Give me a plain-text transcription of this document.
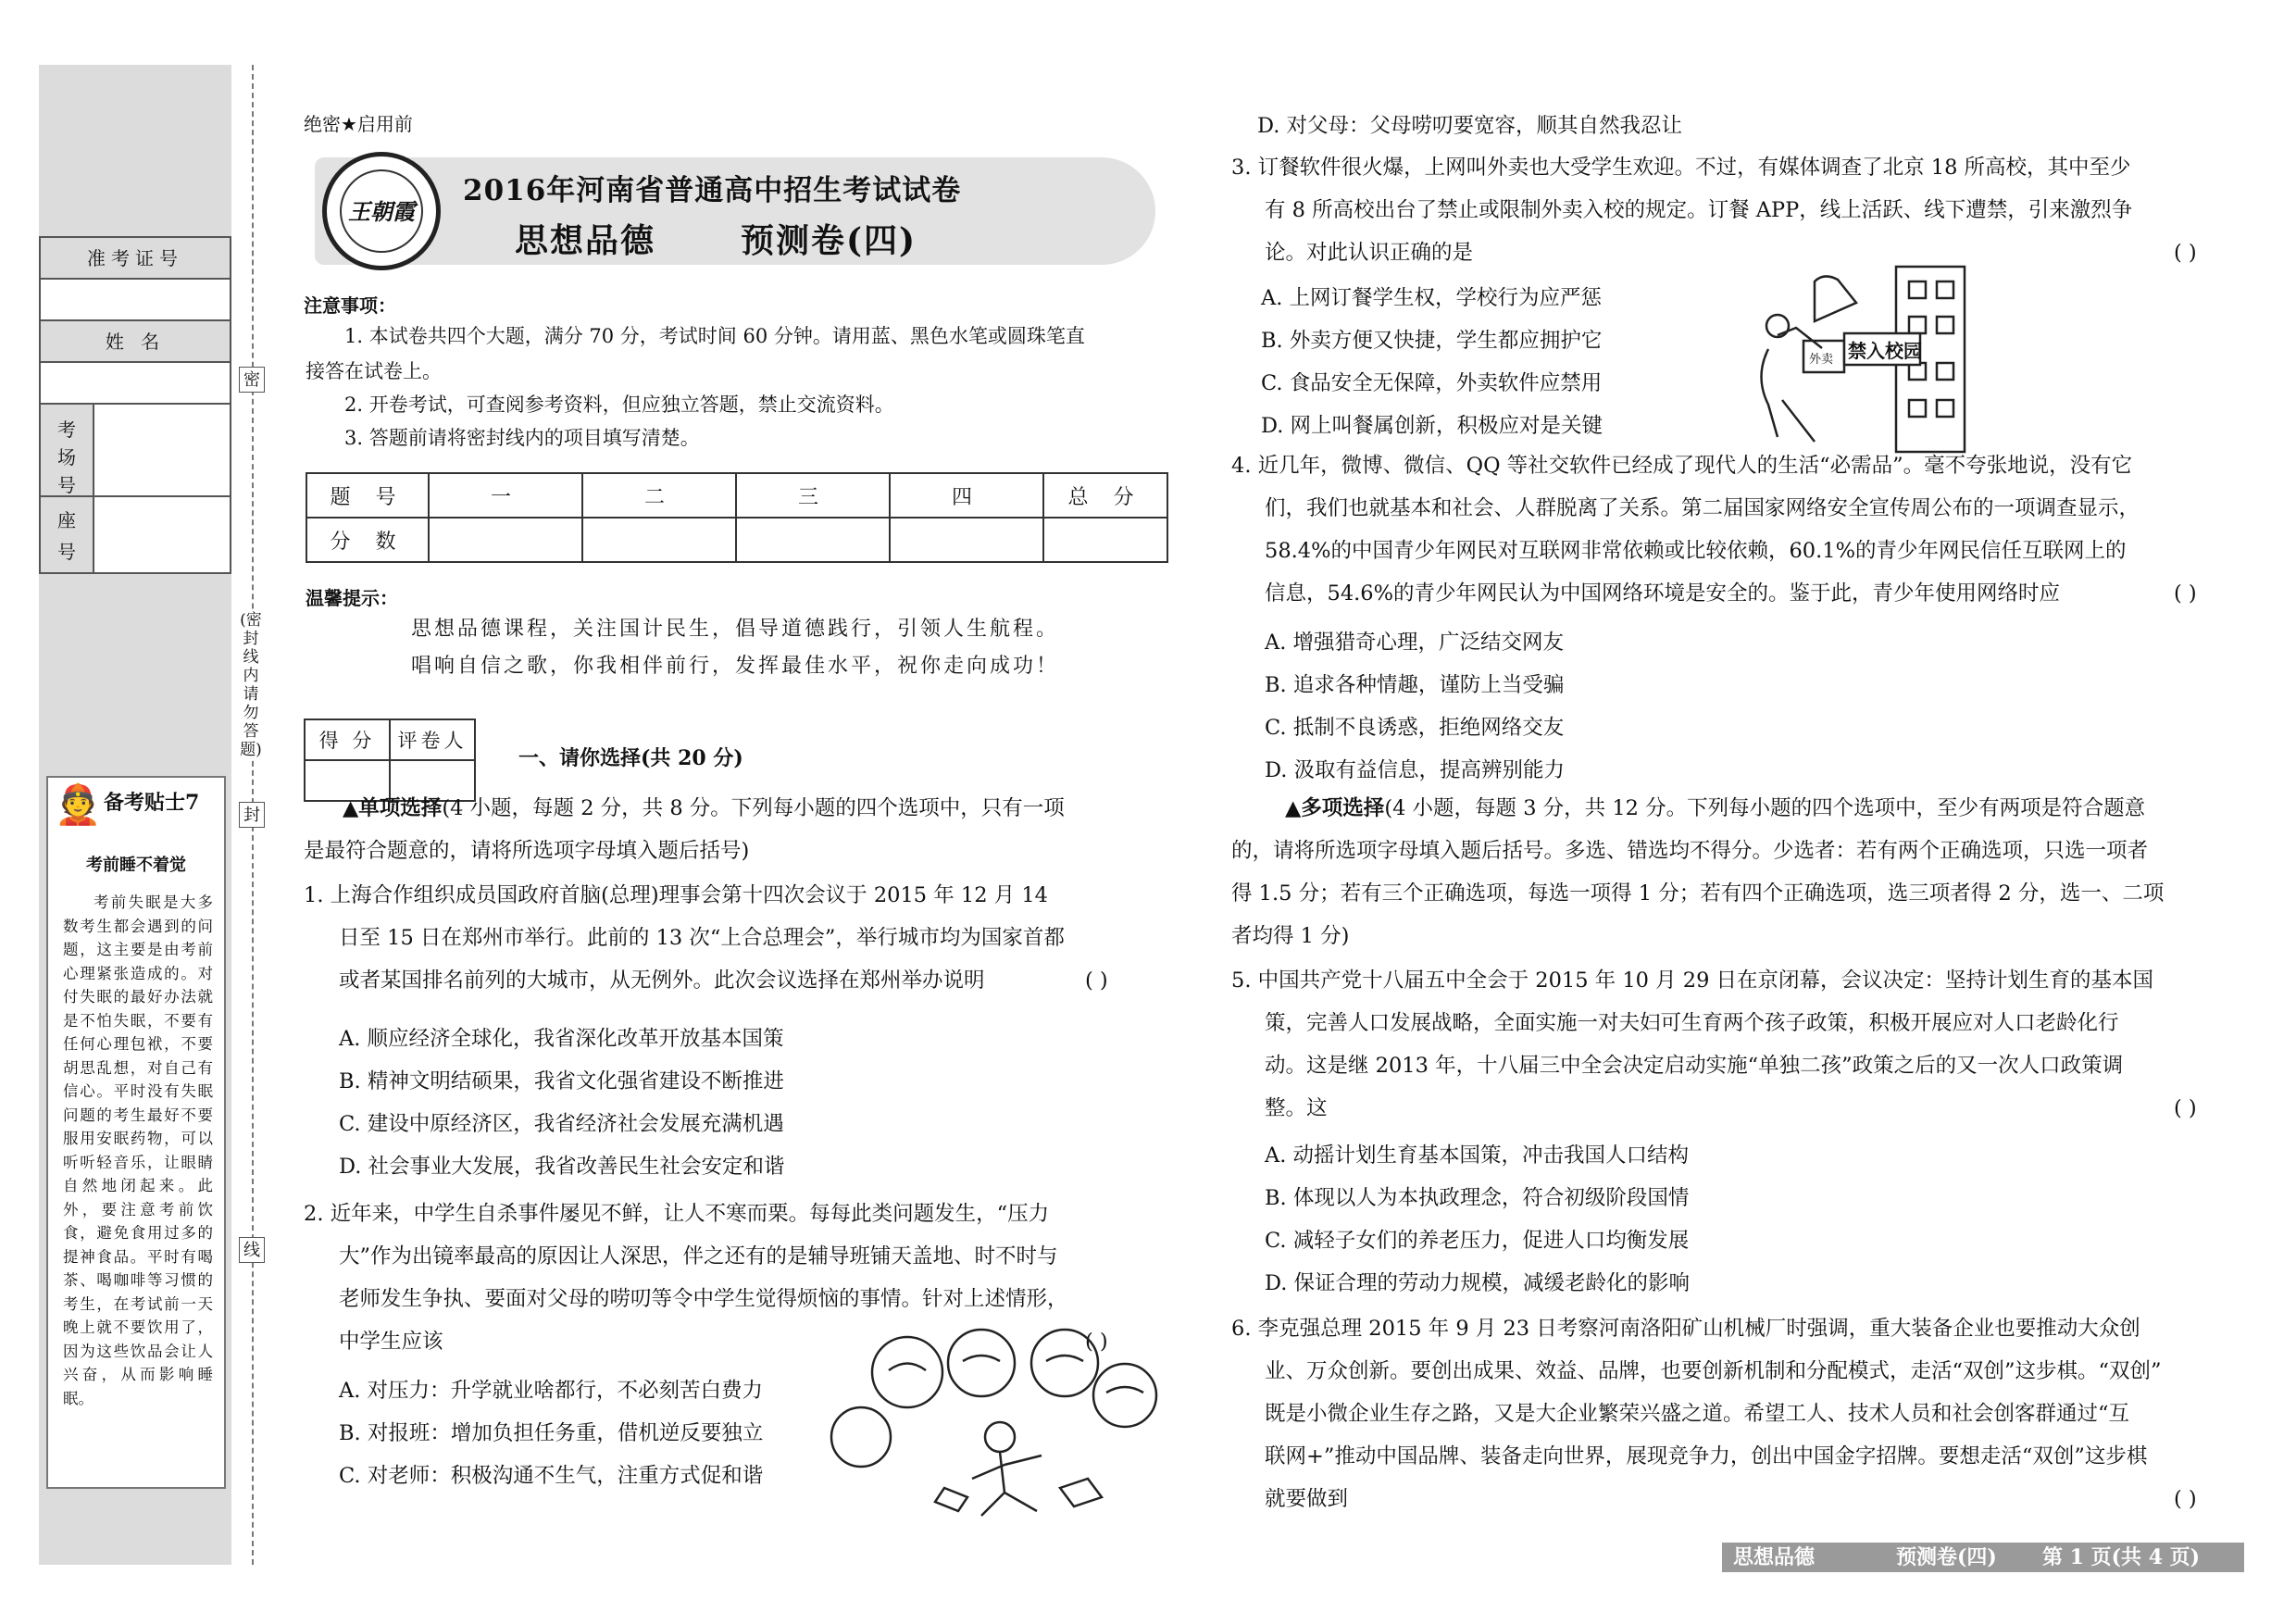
准考证号
姓 名
考场号
座号
👲 备考贴士7
考前睡不着觉
考前失眠是大多数考生都会遇到的问题，这主要是由考前心理紧张造成的。对付失眠的最好办法就是不怕失眠，不要有任何心理包袱，不要胡思乱想，对自己有信心。平时没有失眠问题的考生最好不要服用安眠药物，可以听听轻音乐，让眼睛自然地闭起来。此外，要注意考前饮食，避免食用过多的提神食品。平时有喝茶、喝咖啡等习惯的考生，在考试前一天晚上就不要饮用了，因为这些饮品会让人兴奋，从而影响睡眠。
密
封
线
(密封线内请勿答题)
绝密★启用前
王朝霞
2016年河南省普通高中招生考试试卷
思想品德	预测卷(四)
注意事项：
1. 本试卷共四个大题，满分 70 分，考试时间 60 分钟。请用蓝、黑色水笔或圆珠笔直
接答在试卷上。
2. 开卷考试，可查阅参考资料，但应独立答题，禁止交流资料。
3. 答题前请将密封线内的项目填写清楚。
题 号	一	二	三	四	总 分
分 数					
温馨提示：
思想品德课程，关注国计民生，倡导道德践行，引领人生航程。
唱响自信之歌，你我相伴前行，发挥最佳水平，祝你走向成功！
得 分	评卷人

一、请你选择(共 20 分)
▲单项选择(4 小题，每题 2 分，共 8 分。下列每小题的四个选项中，只有一项
是最符合题意的，请将所选项字母填入题后括号)
1. 上海合作组织成员国政府首脑(总理)理事会第十四次会议于 2015 年 12 月 14
日至 15 日在郑州市举行。此前的 13 次“上合总理会”，举行城市均为国家首都
或者某国排名前列的大城市，从无例外。此次会议选择在郑州举办说明	( )
A. 顺应经济全球化，我省深化改革开放基本国策
B. 精神文明结硕果，我省文化强省建设不断推进
C. 建设中原经济区，我省经济社会发展充满机遇
D. 社会事业大发展，我省改善民生社会安定和谐
2. 近年来，中学生自杀事件屡见不鲜，让人不寒而栗。每每此类问题发生，“压力
大”作为出镜率最高的原因让人深思，伴之还有的是辅导班铺天盖地、时不时与
老师发生争执、要面对父母的唠叨等令中学生觉得烦恼的事情。针对上述情形，
中学生应该	( )
A. 对压力：升学就业啥都行，不必刻苦白费力
B. 对报班：增加负担任务重，借机逆反要独立
C. 对老师：积极沟通不生气，注重方式促和谐
D. 对父母：父母唠叨要宽容，顺其自然我忍让
3. 订餐软件很火爆，上网叫外卖也大受学生欢迎。不过，有媒体调查了北京 18 所高校，其中至少
有 8 所高校出台了禁止或限制外卖入校的规定。订餐 APP，线上活跃、线下遭禁，引来激烈争
论。对此认识正确的是	( )
A. 上网订餐学生权，学校行为应严惩
B. 外卖方便又快捷，学生都应拥护它
C. 食品安全无保障，外卖软件应禁用
D. 网上叫餐属创新，积极应对是关键
禁入校园
外卖
4. 近几年，微博、微信、QQ 等社交软件已经成了现代人的生活“必需品”。毫不夸张地说，没有它
们，我们也就基本和社会、人群脱离了关系。第二届国家网络安全宣传周公布的一项调查显示，
58.4%的中国青少年网民对互联网非常依赖或比较依赖，60.1%的青少年网民信任互联网上的
信息，54.6%的青少年网民认为中国网络环境是安全的。鉴于此，青少年使用网络时应	( )
A. 增强猎奇心理，广泛结交网友
B. 追求各种情趣，谨防上当受骗
C. 抵制不良诱惑，拒绝网络交友
D. 汲取有益信息，提高辨别能力
▲多项选择(4 小题，每题 3 分，共 12 分。下列每小题的四个选项中，至少有两项是符合题意
的，请将所选项字母填入题后括号。多选、错选均不得分。少选者：若有两个正确选项，只选一项者
得 1.5 分；若有三个正确选项，每选一项得 1 分；若有四个正确选项，选三项者得 2 分，选一、二项
者均得 1 分)
5. 中国共产党十八届五中全会于 2015 年 10 月 29 日在京闭幕，会议决定：坚持计划生育的基本国
策，完善人口发展战略，全面实施一对夫妇可生育两个孩子政策，积极开展应对人口老龄化行
动。这是继 2013 年，十八届三中全会决定启动实施“单独二孩”政策之后的又一次人口政策调
整。这	( )
A. 动摇计划生育基本国策，冲击我国人口结构
B. 体现以人为本执政理念，符合初级阶段国情
C. 减轻子女们的养老压力，促进人口均衡发展
D. 保证合理的劳动力规模，减缓老龄化的影响
6. 李克强总理 2015 年 9 月 23 日考察河南洛阳矿山机械厂时强调，重大装备企业也要推动大众创
业、万众创新。要创出成果、效益、品牌，也要创新机制和分配模式，走活“双创”这步棋。“双创”
既是小微企业生存之路，又是大企业繁荣兴盛之道。希望工人、技术人员和社会创客群通过“互
联网+”推动中国品牌、装备走向世界，展现竞争力，创出中国金字招牌。要想走活“双创”这步棋
就要做到	( )
思想品德	预测卷(四) 第 1 页(共 4 页)
